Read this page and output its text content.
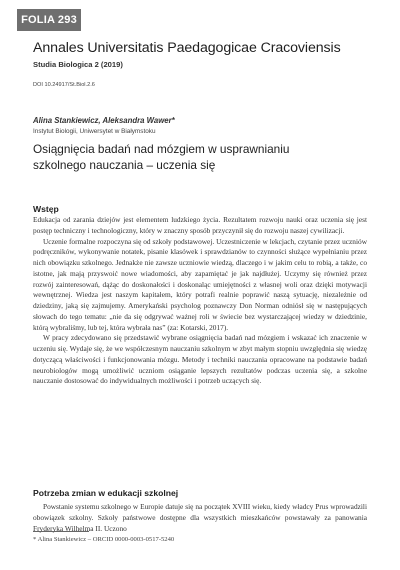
FOLIA 293
Annales Universitatis Paedagogicae Cracoviensis
Studia Biologica 2 (2019)
DOI 10.24917/St.Biol.2.6
Alina Stankiewicz, Aleksandra Wawer*
Instytut Biologii, Uniwersytet w Białymstoku
Osiągnięcia badań nad mózgiem w usprawnianiu szkolnego nauczania – uczenia się
Wstęp

Edukacja od zarania dziejów jest elementem ludzkiego życia. Rezultatem rozwoju nauki oraz uczenia się jest postęp techniczny i technologiczny, który w znaczny sposób przyczynił się do rozwoju naszej cywilizacji.

Uczenie formalne rozpoczyna się od szkoły podstawowej. Uczestniczenie w lekcjach, czytanie przez uczniów podręczników, wykonywanie notatek, pisanie klasówek i sprawdzianów to czynności służące wypełnianiu przez nich obowiązku szkolnego. Jednakże nie zawsze uczniowie wiedzą, dlaczego i w jakim celu to robią, a także, co istotne, jak mają przyswoić nowe wiadomości, aby zapamiętać je jak najdłużej. Uczymy się również przez rozwój zainteresowań, dążąc do doskonałości i doskonaląc umiejętności z własnej woli oraz dzięki motywacji wewnętrznej. Wiedza jest naszym kapitałem, który potrafi realnie poprawić naszą sytuację, niezależnie od dziedziny, jaką się zajmujemy. Amerykański psycholog poznawczy Don Norman odniósł się w następujących słowach do tego tematu: „nie da się odgrywać ważnej roli w świecie bez wystarczającej wiedzy w dziedzinie, którą wybraliśmy, lub tej, która wybrała nas” (za: Kotarski, 2017).

W pracy zdecydowano się przedstawić wybrane osiągnięcia badań nad mózgiem i wskazać ich znaczenie w uczeniu się. Wydaje się, że we współczesnym nauczaniu szkolnym w zbyt małym stopniu uwzględnia się wiedzę dotyczącą właściwości i funkcjonowania mózgu. Metody i techniki nauczania opracowane na podstawie badań neurobiologów mogą umożliwić uczniom osiąganie lepszych rezultatów podczas uczenia się, a szkolne nauczanie dostosować do indywidualnych możliwości i potrzeb uczących się.

Potrzeba zmian w edukacji szkolnej

Powstanie systemu szkolnego w Europie datuje się na początek XVIII wieku, kiedy władcy Prus wprowadzili obowiązek szkolny. Szkoły państwowe dostępne dla wszystkich mieszkańców powstawały za panowania Fryderyka Wilhelma II. Uczono

* Alina Stankiewicz – ORCID 0000-0003-0517-5240
